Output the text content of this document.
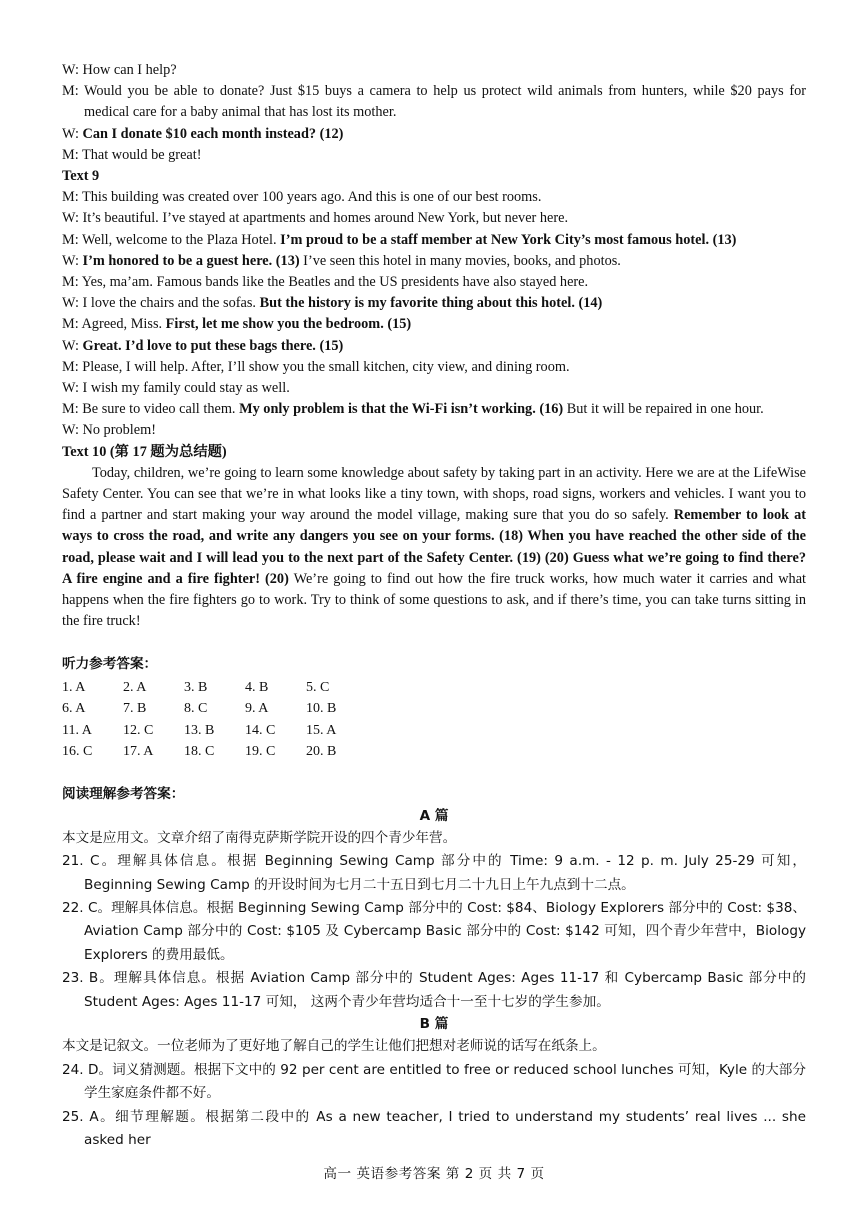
W: How can I help?

M: Would you be able to donate? Just $15 buys a camera to help us protect wild animals from hunters, while $20 pays for medical care for a baby animal that has lost its mother.

W: Can I donate $10 each month instead? (12)

M: That would be great!

Text 9

M: This building was created over 100 years ago. And this is one of our best rooms.

W: It’s beautiful. I’ve stayed at apartments and homes around New York, but never here.

M: Well, welcome to the Plaza Hotel. I’m proud to be a staff member at New York City’s most famous hotel. (13)

W: I’m honored to be a guest here. (13) I’ve seen this hotel in many movies, books, and photos.

M: Yes, ma’am. Famous bands like the Beatles and the US presidents have also stayed here.

W: I love the chairs and the sofas. But the history is my favorite thing about this hotel. (14)

M: Agreed, Miss. First, let me show you the bedroom. (15)

W: Great. I’d love to put these bags there. (15)

M: Please, I will help. After, I’ll show you the small kitchen, city view, and dining room.

W: I wish my family could stay as well.

M: Be sure to video call them. My only problem is that the Wi-Fi isn’t working. (16) But it will be repaired in one hour.

W: No problem!

Text 10 (第 17 题为总结题)

Today, children, we’re going to learn some knowledge about safety by taking part in an activity. Here we are at the LifeWise Safety Center. You can see that we’re in what looks like a tiny town, with shops, road signs, workers and vehicles. I want you to find a partner and start making your way around the model village, making sure that you do so safely. Remember to look at ways to cross the road, and write any dangers you see on your forms. (18) When you have reached the other side of the road, please wait and I will lead you to the next part of the Safety Center. (19) (20) Guess what we’re going to find there? A fire engine and a fire fighter! (20) We’re going to find out how the fire truck works, how much water it carries and what happens when the fire fighters go to work. Try to think of some questions to ask, and if there’s time, you can take turns sitting in the fire truck!

听力参考答案：

1. A	2. A	3. B	4. B	5. C
6. A	7. B	8. C	9. A	10. B
11. A	12. C	13. B	14. C	15. A
16. C	17. A	18. C	19. C	20. B

阅读理解参考答案：

A 篇

本文是应用文。文章介绍了南得克萨斯学院开设的四个青少年营。

21. C。理解具体信息。根据 Beginning Sewing Camp 部分中的 Time: 9 a.m. - 12 p. m. July 25-29 可知，Beginning Sewing Camp 的开设时间为七月二十五日到七月二十九日上午九点到十二点。

22. C。理解具体信息。根据 Beginning Sewing Camp 部分中的 Cost: $84、Biology Explorers 部分中的 Cost: $38、Aviation Camp 部分中的 Cost: $105 及 Cybercamp Basic 部分中的 Cost: $142 可知，四个青少年营中，Biology Explorers 的费用最低。

23. B。理解具体信息。根据 Aviation Camp 部分中的 Student Ages: Ages 11-17 和 Cybercamp Basic 部分中的 Student Ages: Ages 11-17 可知， 这两个青少年营均适合十一至十七岁的学生参加。

B 篇

本文是记叙文。一位老师为了更好地了解自己的学生让他们把想对老师说的话写在纸条上。

24. D。词义猜测题。根据下文中的 92 per cent are entitled to free or reduced school lunches 可知，Kyle 的大部分学生家庭条件都不好。

25. A。细节理解题。根据第二段中的 As a new teacher, I tried to understand my students’ real lives ... she asked her

高一 英语参考答案 第 2 页 共 7 页
